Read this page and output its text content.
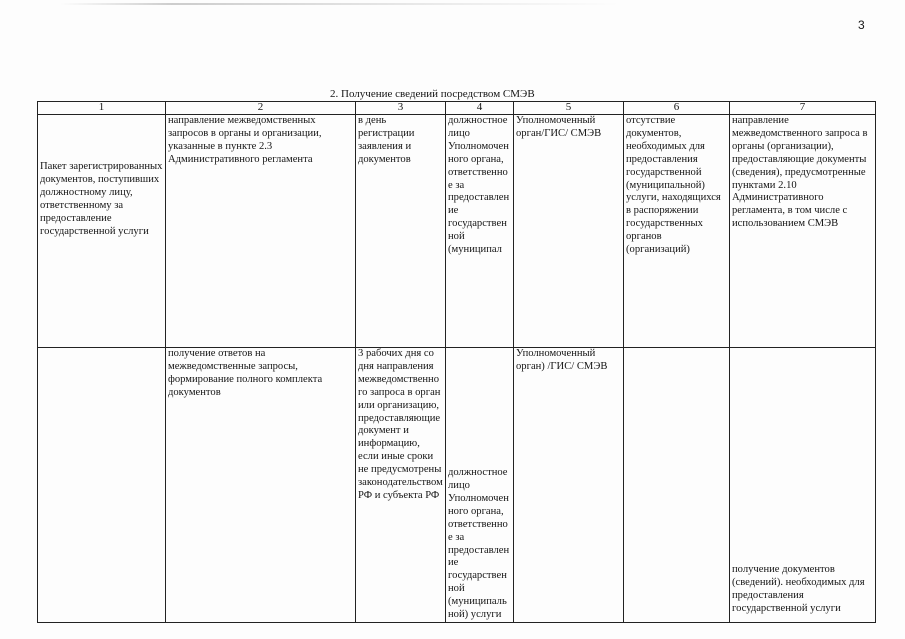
3
2. Получение сведений посредством СМЭВ
1	2	3	4	5	6	7
Пакет зарегистрированных документов, поступивших должностному лицу, ответственному за предоставление государственной услуги	направление межведомственных запросов в органы и организации, указанные в пункте 2.3 Административного регламента	в день регистрации заявления и документов	должностное лицо Уполномоченного органа, ответственное за предоставление государственной (муниципал	Уполномоченный орган/ГИС/ СМЭВ	отсутствие документов, необходимых для предоставления государственной (муниципальной) услуги, находящихся в распоряжении государственных органов (организаций)	направление межведомственного запроса в органы (организации), предоставляющие документы (сведения), предусмотренные пунктами 2.10 Административного регламента, в том числе с использованием СМЭВ
	получение ответов на межведомственные запросы, формирование полного комплекта документов	3 рабочих дня со дня направления межведомственного запроса в орган или организацию, предоставляющие документ и информацию, если иные сроки не предусмотрены законодательством РФ и субъекта РФ	должностное лицо Уполномоченного органа, ответственное за предоставление государственной (муниципальной) услуги	Уполномоченный орган) /ГИС/ СМЭВ		получение документов (сведений). необходимых для предоставления государственной услуги
